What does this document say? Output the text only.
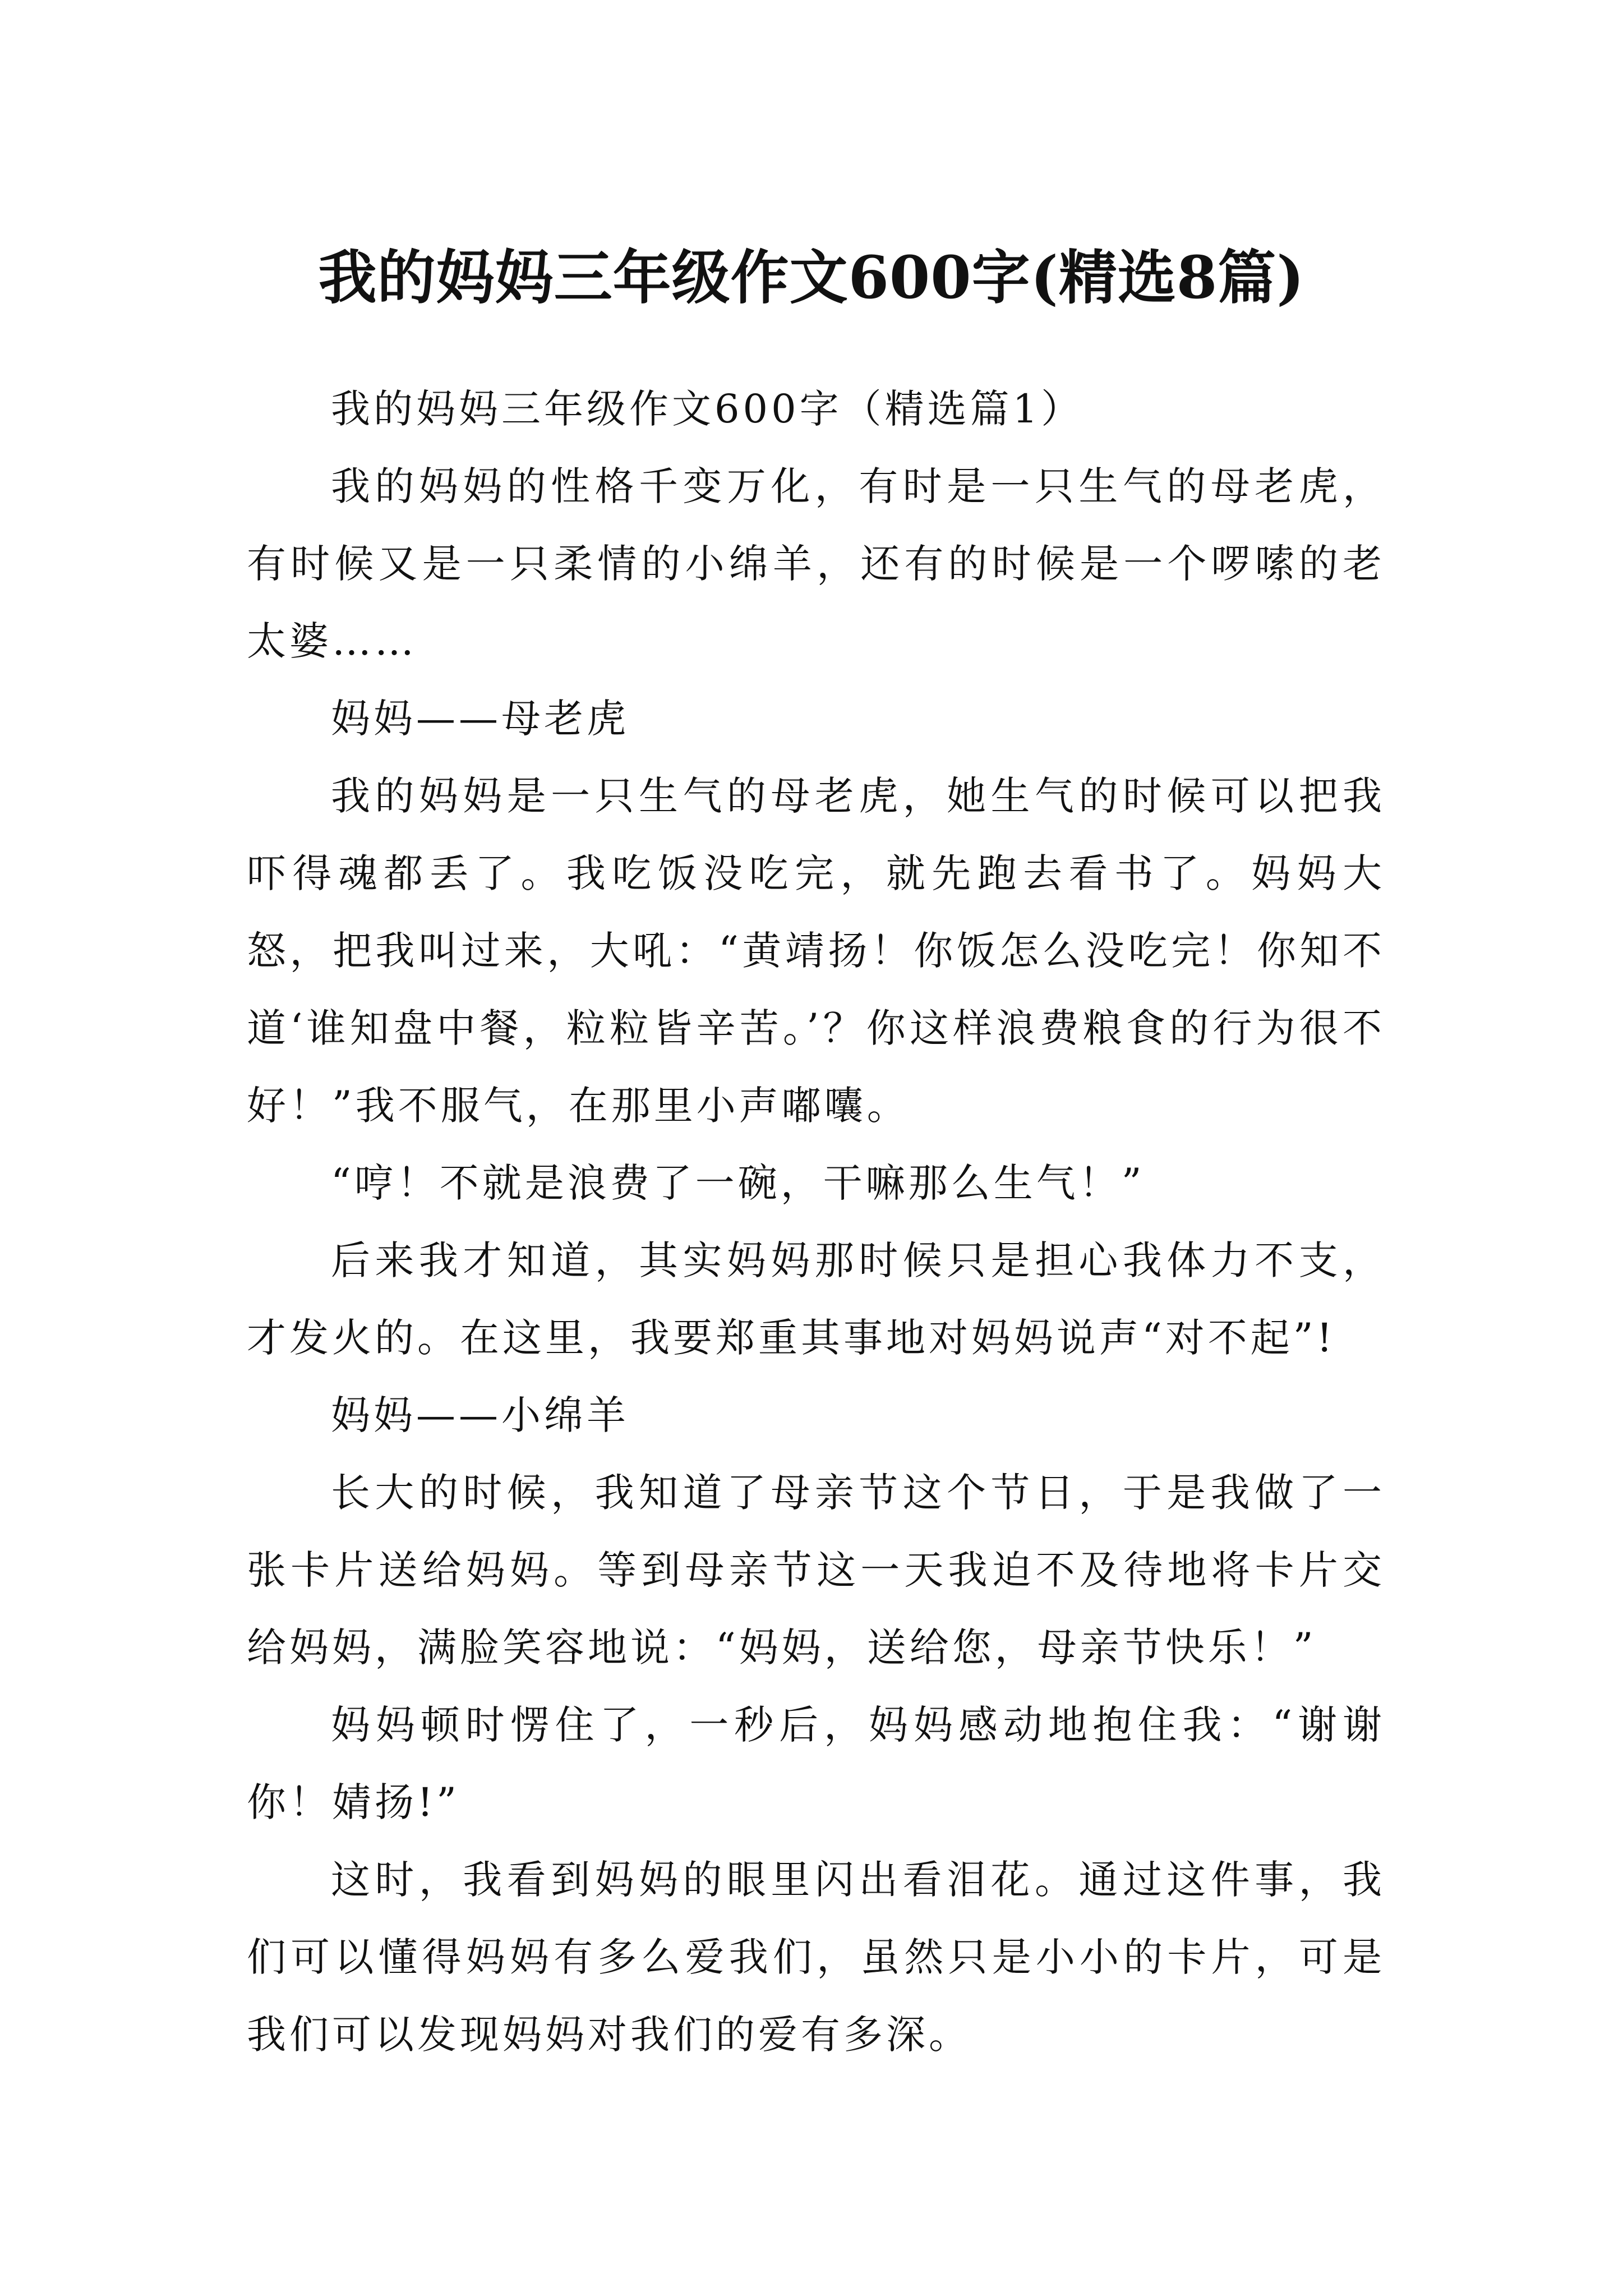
我的妈妈三年级作文600字(精选8篇)

我的妈妈三年级作文600字（精选篇1）

我的妈妈的性格千变万化，有时是一只生气的母老虎，有时候又是一只柔情的小绵羊，还有的时候是一个啰嗦的老太婆……

妈妈——母老虎

我的妈妈是一只生气的母老虎，她生气的时候可以把我吓得魂都丢了。我吃饭没吃完，就先跑去看书了。妈妈大怒，把我叫过来，大吼：“黄靖扬！你饭怎么没吃完！你知不道‘谁知盘中餐，粒粒皆辛苦。’？你这样浪费粮食的行为很不好！”我不服气，在那里小声嘟囔。

“哼！不就是浪费了一碗，干嘛那么生气！”

后来我才知道，其实妈妈那时候只是担心我体力不支，才发火的。在这里，我要郑重其事地对妈妈说声“对不起”!

妈妈——小绵羊

长大的时候，我知道了母亲节这个节日，于是我做了一张卡片送给妈妈。等到母亲节这一天我迫不及待地将卡片交给妈妈，满脸笑容地说：“妈妈，送给您，母亲节快乐！”

妈妈顿时愣住了，一秒后，妈妈感动地抱住我：“谢谢你！婧扬!”

这时，我看到妈妈的眼里闪出看泪花。通过这件事，我们可以懂得妈妈有多么爱我们，虽然只是小小的卡片，可是我们可以发现妈妈对我们的爱有多深。
